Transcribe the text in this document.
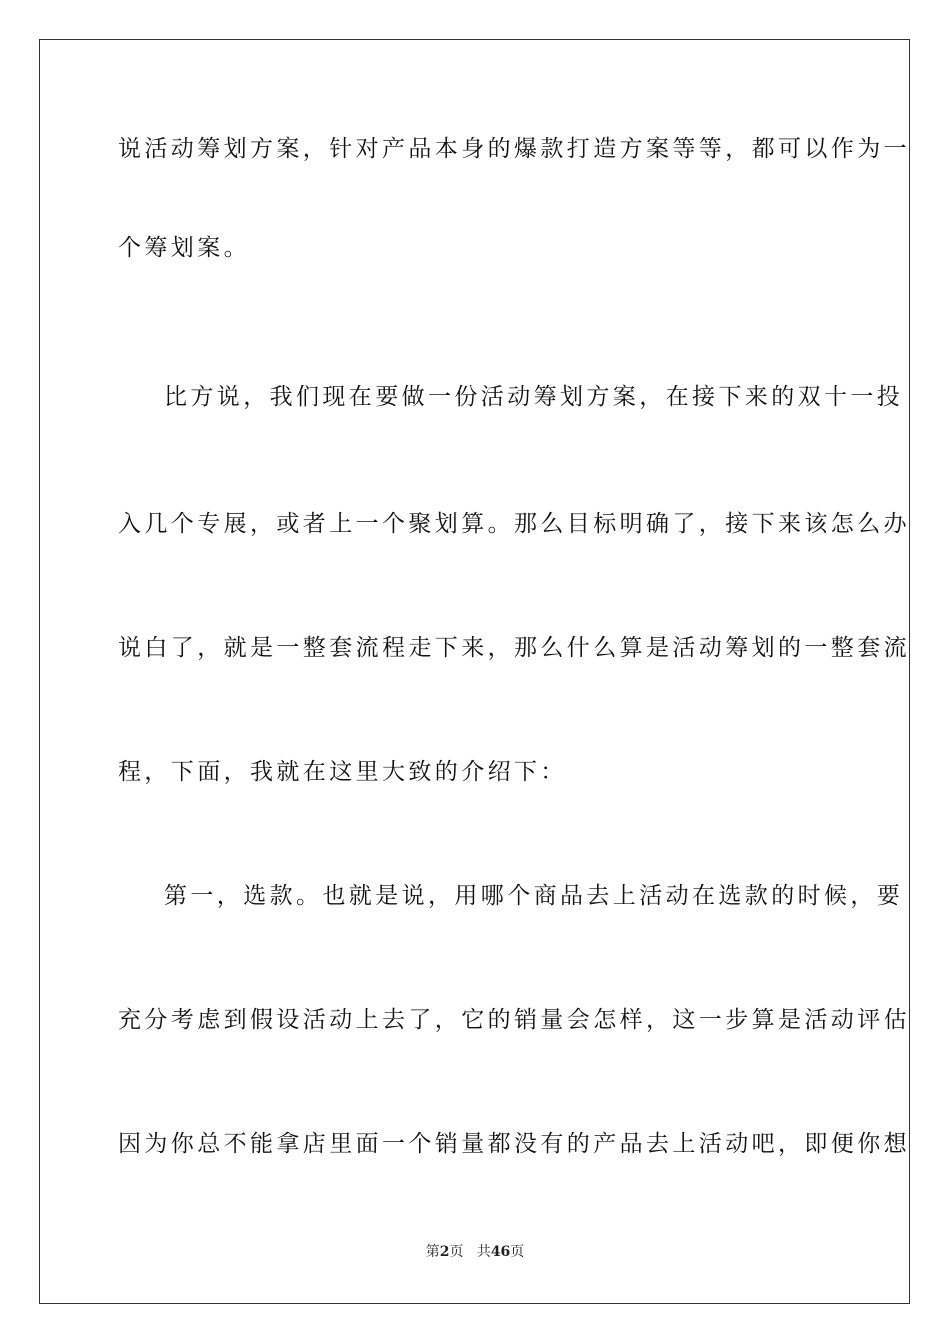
说活动筹划方案，针对产品本身的爆款打造方案等等，都可以作为一
个筹划案。
比方说，我们现在要做一份活动筹划方案，在接下来的双十一投
入几个专展，或者上一个聚划算。那么目标明确了，接下来该怎么办
说白了，就是一整套流程走下来，那么什么算是活动筹划的一整套流
程，下面，我就在这里大致的介绍下：
第一，选款。也就是说，用哪个商品去上活动在选款的时候，要
充分考虑到假设活动上去了，它的销量会怎样，这一步算是活动评估
因为你总不能拿店里面一个销量都没有的产品去上活动吧，即便你想
第2页 共46页
